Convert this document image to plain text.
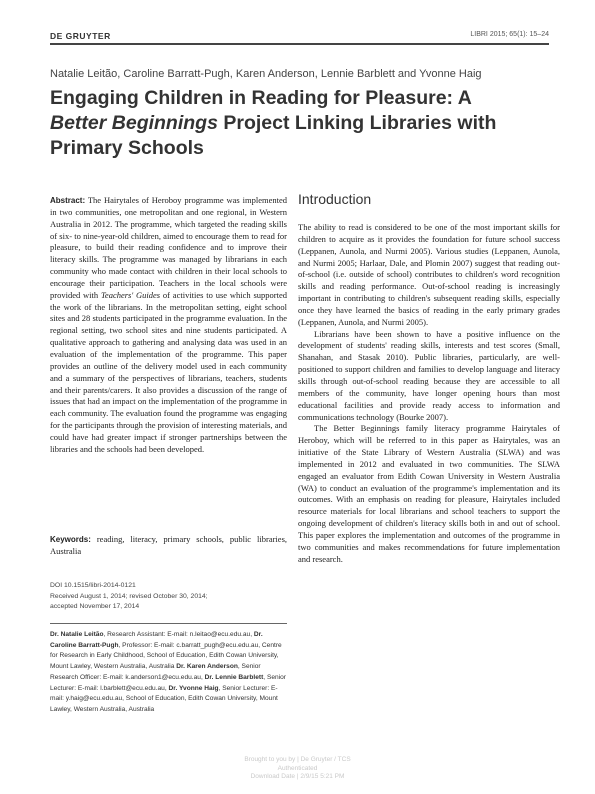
DE GRUYTER	LIBRI 2015; 65(1): 15–24
Natalie Leitão, Caroline Barratt-Pugh, Karen Anderson, Lennie Barblett and Yvonne Haig
Engaging Children in Reading for Pleasure: A
Better Beginnings Project Linking Libraries with
Primary Schools

Abstract: The Hairytales of Heroboy programme was implemented in two communities, one metropolitan and one regional, in Western Australia in 2012. The programme, which targeted the reading skills of six- to nine-year-old children, aimed to encourage them to read for pleasure, to build their reading confidence and to improve their literacy skills. The programme was managed by librarians in each community who made contact with children in their local schools to encourage their participation. Teachers in the local schools were provided with Teachers' Guides of activities to use which supported the work of the librarians. In the metropolitan setting, eight school sites and 28 students participated in the programme evaluation. In the regional setting, two school sites and nine students participated. A qualitative approach to gathering and analysing data was used in an evaluation of the implementation of the programme. This paper provides an outline of the delivery model used in each community and a summary of the perspectives of librarians, teachers, students and their parents/carers. It also provides a discussion of the range of issues that had an impact on the implementation of the programme in each community. The evaluation found the programme was engaging for the participants through the provision of interesting materials, and could have had greater impact if stronger partnerships between the libraries and the schools had been developed.

Keywords: reading, literacy, primary schools, public libraries, Australia
DOI 10.1515/libri-2014-0121
Received August 1, 2014; revised October 30, 2014;
accepted November 17, 2014

Dr. Natalie Leitão, Research Assistant: E-mail: n.leitao@ecu.edu.au, Dr. Caroline Barratt-Pugh, Professor: E-mail: c.barratt_pugh@ecu.edu.au, Centre for Research in Early Childhood, School of Education, Edith Cowan University, Mount Lawley, Western Australia, Australia Dr. Karen Anderson, Senior Research Officer: E-mail: k.anderson1@ecu.edu.au, Dr. Lennie Barblett, Senior Lecturer: E-mail: l.barblett@ecu.edu.au, Dr. Yvonne Haig, Senior Lecturer: E-mail: y.haig@ecu.edu.au, School of Education, Edith Cowan University, Mount Lawley, Western Australia, Australia

Introduction

The ability to read is considered to be one of the most important skills for children to acquire as it provides the foundation for future school success (Leppanen, Aunola, and Nurmi 2005). Various studies (Leppanen, Aunola, and Nurmi 2005; Harlaar, Dale, and Plomin 2007) suggest that reading out-of-school (i.e. outside of school) contributes to children's word recognition skills and reading performance. Out-of-school reading is increasingly important in contributing to children's subsequent reading skills, especially once they have learned the basics of reading in the early primary grades (Leppanen, Aunola, and Nurmi 2005).

Librarians have been shown to have a positive influence on the development of students' reading skills, interests and test scores (Small, Shanahan, and Stasak 2010). Public libraries, particularly, are well-positioned to support children and families to develop language and literacy skills through out-of-school reading because they are accessible to all members of the community, have longer opening hours than most educational facilities and provide ready access to information and communications technology (Bourke 2007).

The Better Beginnings family literacy programme Hairytales of Heroboy, which will be referred to in this paper as Hairytales, was an initiative of the State Library of Western Australia (SLWA) and was implemented in 2012 and evaluated in two communities. The SLWA engaged an evaluator from Edith Cowan University in Western Australia (WA) to conduct an evaluation of the programme's implementation and its outcomes. With an emphasis on reading for pleasure, Hairytales included resource materials for local librarians and school teachers to support the ongoing development of children's literacy skills both in and out of school. This paper explores the implementation and outcomes of the programme in two communities and makes recommendations for future implementation and research.

Brought to you by | De Gruyter / TCS
Authenticated
Download Date | 2/9/15 5:21 PM
